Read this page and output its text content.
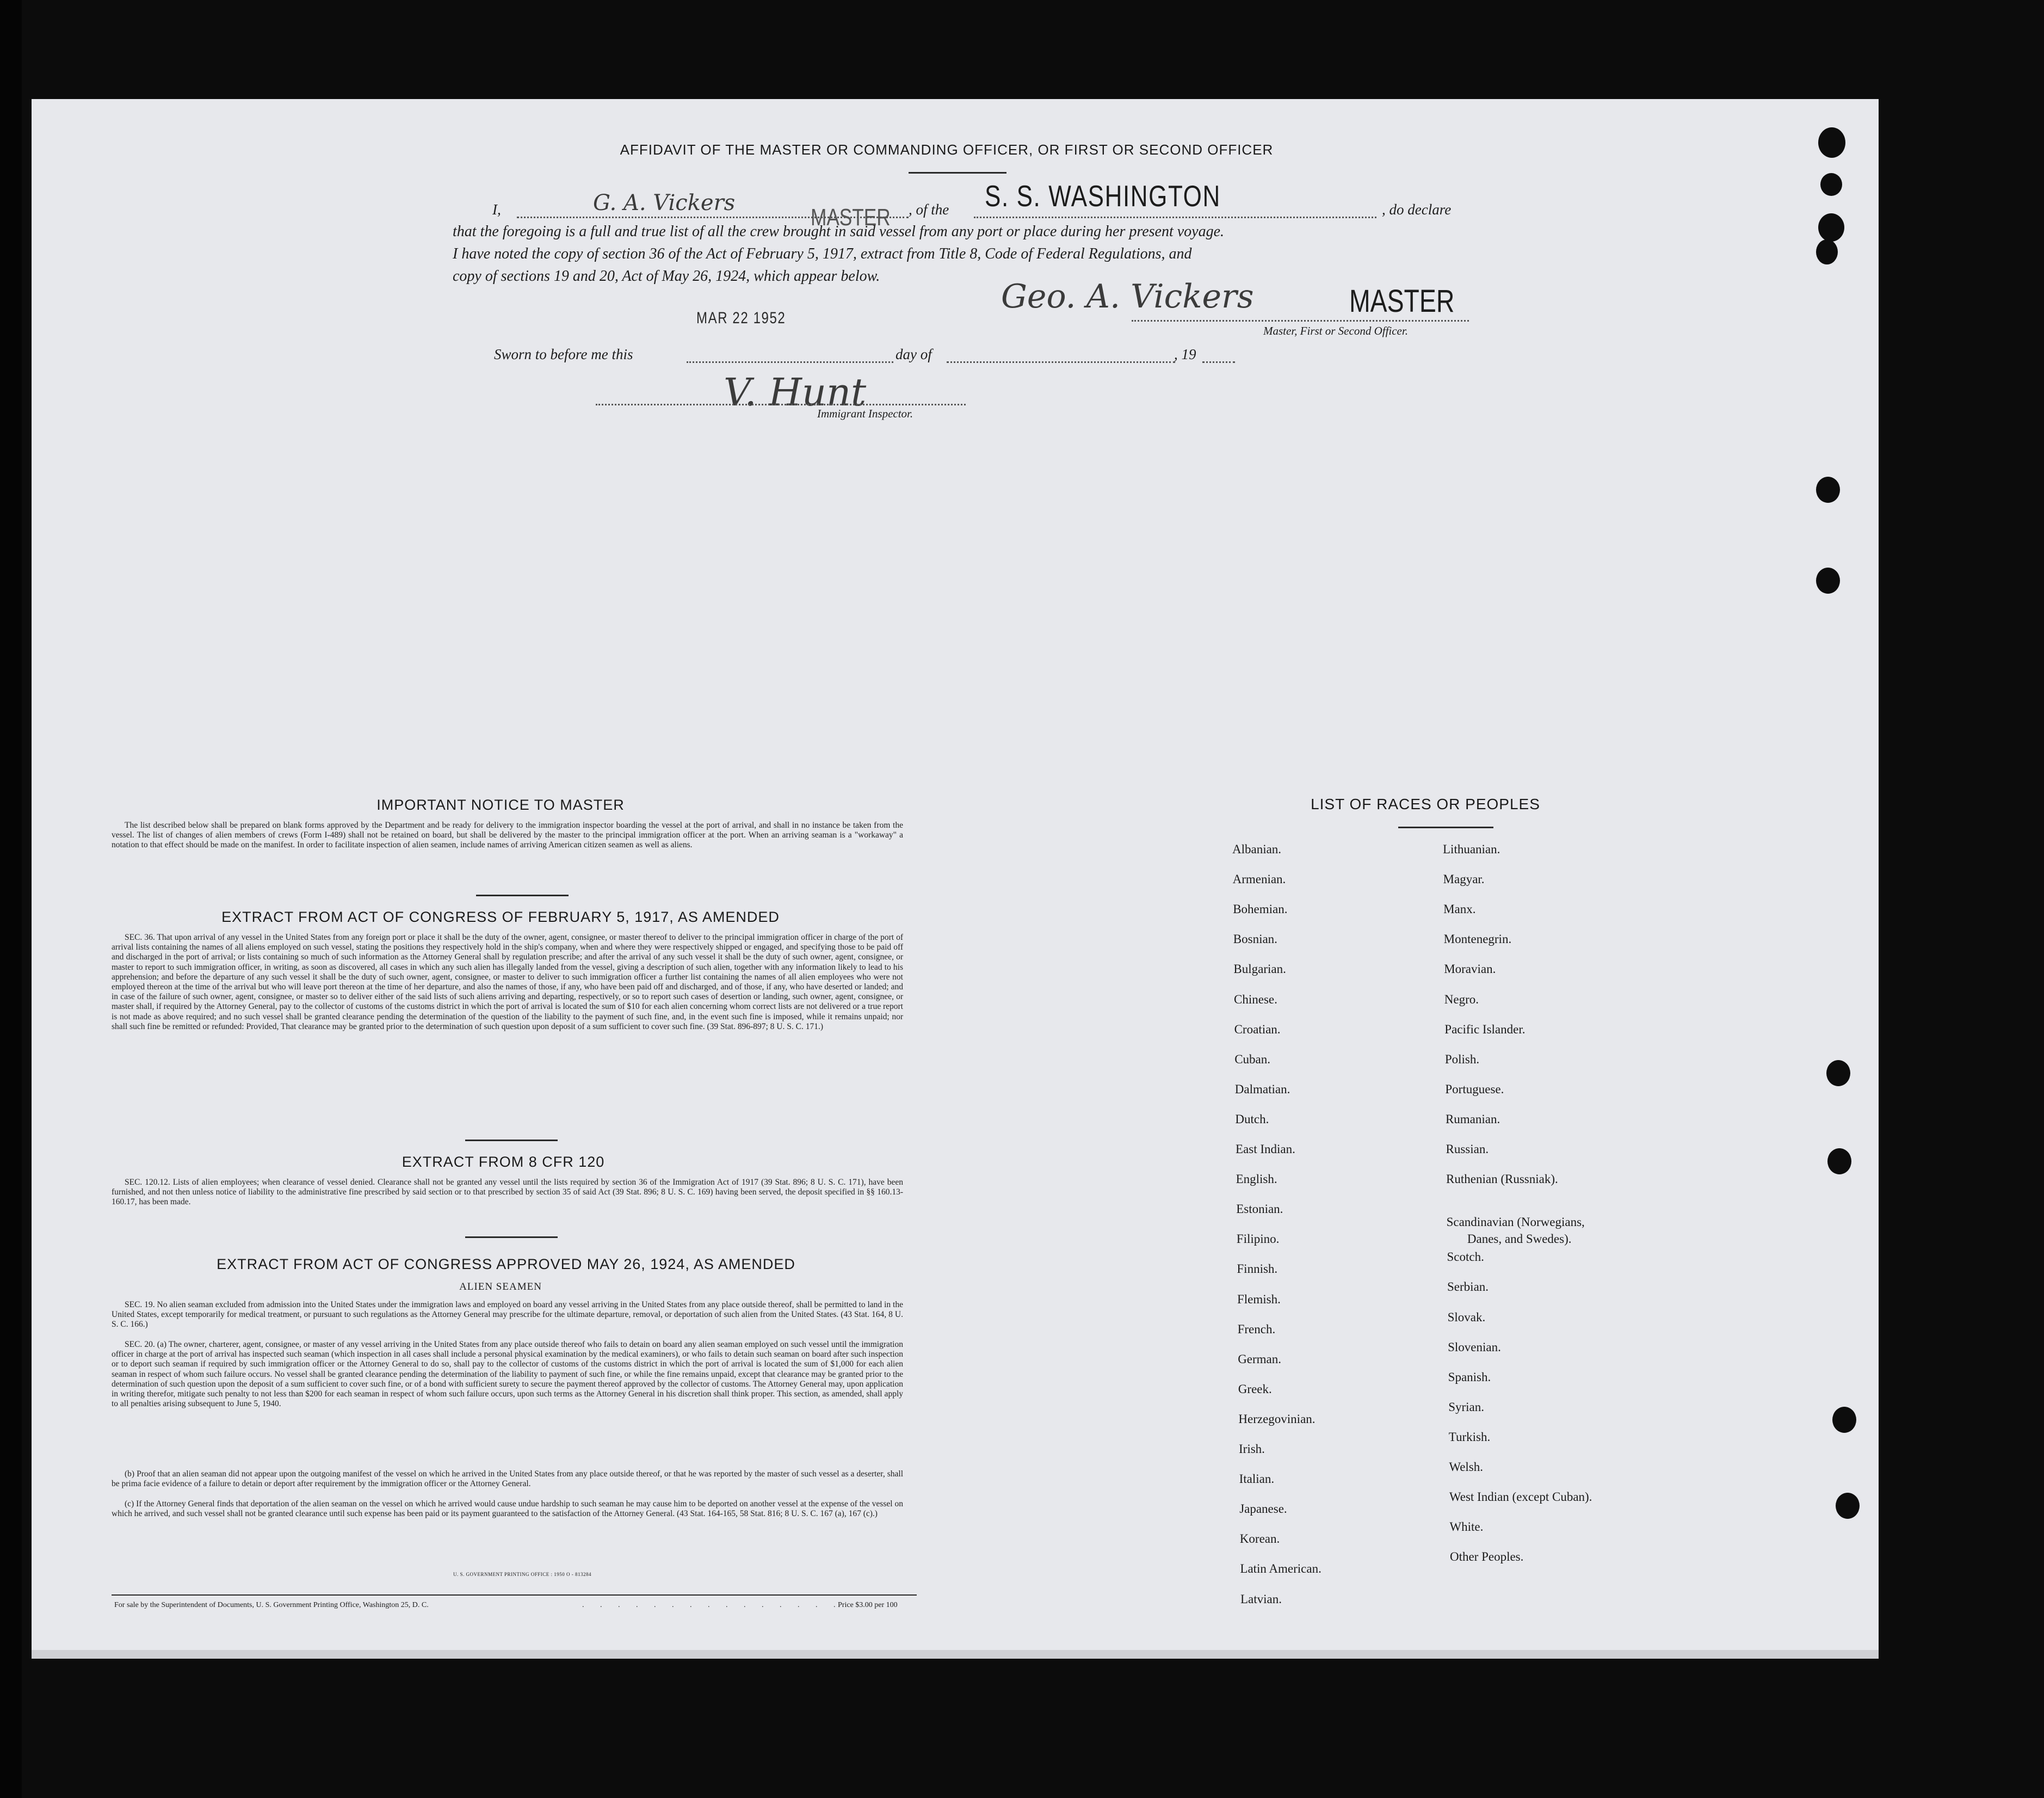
AFFIDAVIT OF THE MASTER OR COMMANDING OFFICER, OR FIRST OR SECOND OFFICER
I,	G. A. Vickers
MASTER , of the S. S. WASHINGTON	, do declare
that the foregoing is a full and true list of all the crew brought in said vessel from any port or place during her present voyage.
I have noted the copy of section 36 of the Act of February 5, 1917, extract from Title 8, Code of Federal Regulations, and
copy of sections 19 and 20, Act of May 26, 1924, which appear below.
Geo. A. Vickers	MASTER
Master, First or Second Officer.
MAR 22 1952
Sworn to before me this	day of	, 19
V. Hunt
Immigrant Inspector.
IMPORTANT NOTICE TO MASTER
The list described below shall be prepared on blank forms approved by the Department and be ready for delivery to the immigration inspector boarding the vessel at the port of arrival, and shall in no instance be taken from the vessel. The list of changes of alien members of crews (Form I-489) shall not be retained on board, but shall be delivered by the master to the principal immigration officer at the port. When an arriving seaman is a "workaway" a notation to that effect should be made on the manifest. In order to facilitate inspection of alien seamen, include names of arriving American citizen seamen as well as aliens.
EXTRACT FROM ACT OF CONGRESS OF FEBRUARY 5, 1917, AS AMENDED
SEC. 36. That upon arrival of any vessel in the United States from any foreign port or place it shall be the duty of the owner, agent, consignee, or master thereof to deliver to the principal immigration officer in charge of the port of arrival lists containing the names of all aliens employed on such vessel, stating the positions they respectively hold in the ship's company, when and where they were respectively shipped or engaged, and specifying those to be paid off and discharged in the port of arrival; or lists containing so much of such information as the Attorney General shall by regulation prescribe; and after the arrival of any such vessel it shall be the duty of such owner, agent, consignee, or master to report to such immigration officer, in writing, as soon as discovered, all cases in which any such alien has illegally landed from the vessel, giving a description of such alien, together with any information likely to lead to his apprehension; and before the departure of any such vessel it shall be the duty of such owner, agent, consignee, or master to deliver to such immigration officer a further list containing the names of all alien employees who were not employed thereon at the time of the arrival but who will leave port thereon at the time of her departure, and also the names of those, if any, who have been paid off and discharged, and of those, if any, who have deserted or landed; and in case of the failure of such owner, agent, consignee, or master so to deliver either of the said lists of such aliens arriving and departing, respectively, or so to report such cases of desertion or landing, such owner, agent, consignee, or master shall, if required by the Attorney General, pay to the collector of customs of the customs district in which the port of arrival is located the sum of $10 for each alien concerning whom correct lists are not delivered or a true report is not made as above required; and no such vessel shall be granted clearance pending the determination of the question of the liability to the payment of such fine, and, in the event such fine is imposed, while it remains unpaid; nor shall such fine be remitted or refunded: Provided, That clearance may be granted prior to the determination of such question upon deposit of a sum sufficient to cover such fine. (39 Stat. 896-897; 8 U. S. C. 171.)
EXTRACT FROM 8 CFR 120
SEC. 120.12. Lists of alien employees; when clearance of vessel denied. Clearance shall not be granted any vessel until the lists required by section 36 of the Immigration Act of 1917 (39 Stat. 896; 8 U. S. C. 171), have been furnished, and not then unless notice of liability to the administrative fine prescribed by said section or to that prescribed by section 35 of said Act (39 Stat. 896; 8 U. S. C. 169) having been served, the deposit specified in §§ 160.13-160.17, has been made.
EXTRACT FROM ACT OF CONGRESS APPROVED MAY 26, 1924, AS AMENDED
ALIEN SEAMEN
SEC. 19. No alien seaman excluded from admission into the United States under the immigration laws and employed on board any vessel arriving in the United States from any place outside thereof, shall be permitted to land in the United States, except temporarily for medical treatment, or pursuant to such regulations as the Attorney General may prescribe for the ultimate departure, removal, or deportation of such alien from the United States. (43 Stat. 164, 8 U. S. C. 166.)
SEC. 20. (a) The owner, charterer, agent, consignee, or master of any vessel arriving in the United States from any place outside thereof who fails to detain on board any alien seaman employed on such vessel until the immigration officer in charge at the port of arrival has inspected such seaman (which inspection in all cases shall include a personal physical examination by the medical examiners), or who fails to detain such seaman on board after such inspection or to deport such seaman if required by such immigration officer or the Attorney General to do so, shall pay to the collector of customs of the customs district in which the port of arrival is located the sum of $1,000 for each alien seaman in respect of whom such failure occurs. No vessel shall be granted clearance pending the determination of the liability to payment of such fine, or while the fine remains unpaid, except that clearance may be granted prior to the determination of such question upon the deposit of a sum sufficient to cover such fine, or of a bond with sufficient surety to secure the payment thereof approved by the collector of customs. The Attorney General may, upon application in writing therefor, mitigate such penalty to not less than $200 for each seaman in respect of whom such failure occurs, upon such terms as the Attorney General in his discretion shall think proper. This section, as amended, shall apply to all penalties arising subsequent to June 5, 1940.
(b) Proof that an alien seaman did not appear upon the outgoing manifest of the vessel on which he arrived in the United States from any place outside thereof, or that he was reported by the master of such vessel as a deserter, shall be prima facie evidence of a failure to detain or deport after requirement by the immigration officer or the Attorney General.
(c) If the Attorney General finds that deportation of the alien seaman on the vessel on which he arrived would cause undue hardship to such seaman he may cause him to be deported on another vessel at the expense of the vessel on which he arrived, and such vessel shall not be granted clearance until such expense has been paid or its payment guaranteed to the satisfaction of the Attorney General. (43 Stat. 164-165, 58 Stat. 816; 8 U. S. C. 167 (a), 167 (c).)
U. S. GOVERNMENT PRINTING OFFICE : 1950 O - 813284
For sale by the Superintendent of Documents, U. S. Government Printing Office, Washington 25, D. C.	. . . . . . . . . . . . . . .
Price $3.00 per 100
LIST OF RACES OR PEOPLES
Albanian.
Armenian.
Bohemian.
Bosnian.
Bulgarian.
Chinese.
Croatian.
Cuban.
Dalmatian.
Dutch.
East Indian.
English.
Estonian.
Filipino.
Finnish.
Flemish.
French.
German.
Greek.
Herzegovinian.
Irish.
Italian.
Japanese.
Korean.
Latin American.
Latvian.
Lithuanian.
Magyar.
Manx.
Montenegrin.
Moravian.
Negro.
Pacific Islander.
Polish.
Portuguese.
Rumanian.
Russian.
Ruthenian (Russniak).
Scandinavian (Norwegians,
Danes, and Swedes).
Scotch.
Serbian.
Slovak.
Slovenian.
Spanish.
Syrian.
Turkish.
Welsh.
West Indian (except Cuban).
White.
Other Peoples.
